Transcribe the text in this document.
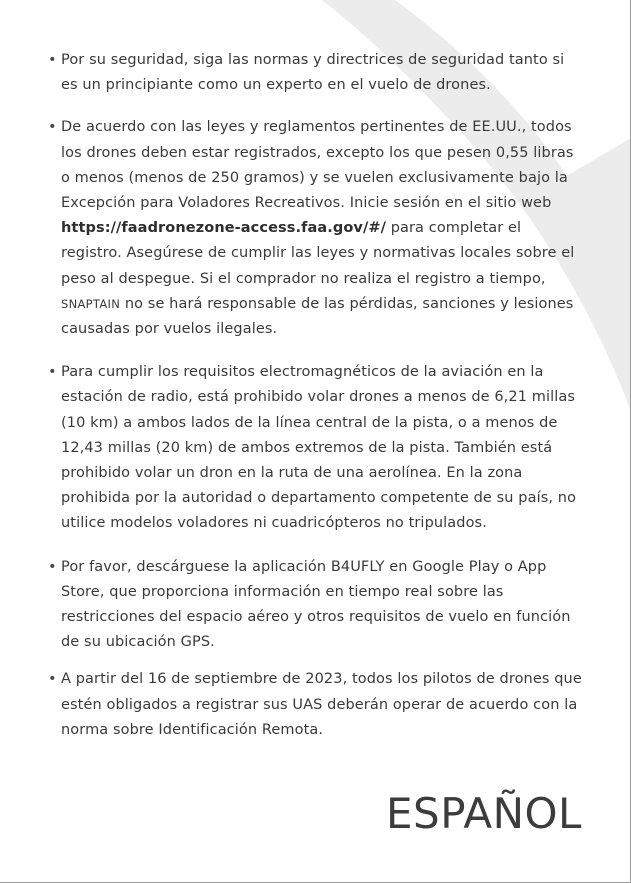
• Por su seguridad, siga las normas y directrices de seguridad tanto si es un principiante como un experto en el vuelo de drones.
• De acuerdo con las leyes y reglamentos pertinentes de EE.UU., todos los drones deben estar registrados, excepto los que pesen 0,55 libras o menos (menos de 250 gramos) y se vuelen exclusivamente bajo la Excepción para Voladores Recreativos. Inicie sesión en el sitio web https://faadronezone-access.faa.gov/#/ para completar el registro. Asegúrese de cumplir las leyes y normativas locales sobre el peso al despegue. Si el comprador no realiza el registro a tiempo, SNAPTAIN no se hará responsable de las pérdidas, sanciones y lesiones causadas por vuelos ilegales.
• Para cumplir los requisitos electromagnéticos de la aviación en la estación de radio, está prohibido volar drones a menos de 6,21 millas (10 km) a ambos lados de la línea central de la pista, o a menos de 12,43 millas (20 km) de ambos extremos de la pista. También está prohibido volar un dron en la ruta de una aerolínea. En la zona prohibida por la autoridad o departamento competente de su país, no utilice modelos voladores ni cuadricópteros no tripulados.
• Por favor, descárguese la aplicación B4UFLY en Google Play o App Store, que proporciona información en tiempo real sobre las restricciones del espacio aéreo y otros requisitos de vuelo en función de su ubicación GPS.
• A partir del 16 de septiembre de 2023, todos los pilotos de drones que estén obligados a registrar sus UAS deberán operar de acuerdo con la norma sobre Identificación Remota.
ESPAÑOL
